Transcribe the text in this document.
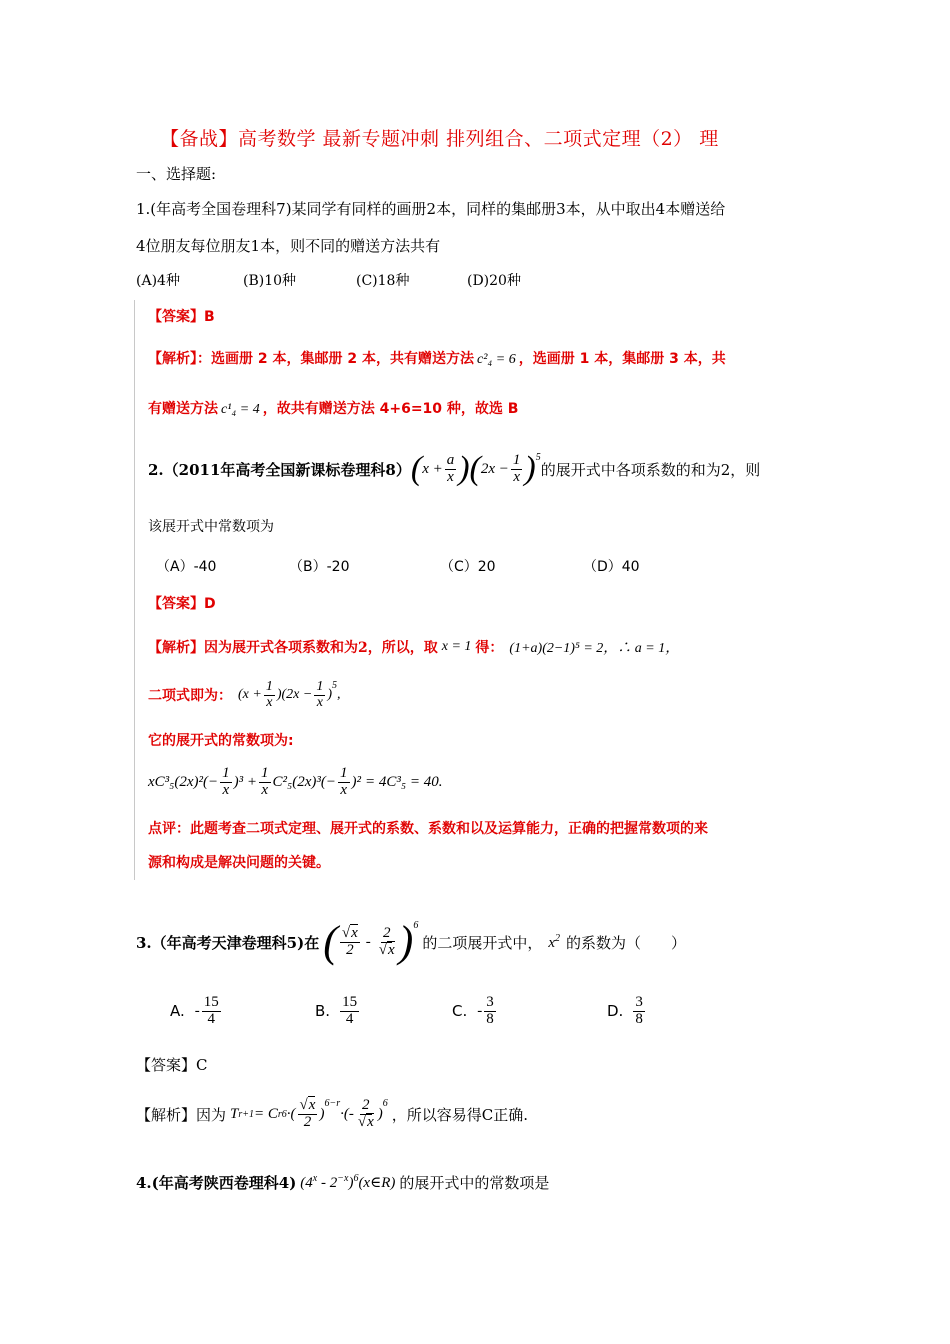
【备战】高考数学 最新专题冲刺 排列组合、二项式定理（2） 理
一、选择题:
1.(年高考全国卷理科7)某同学有同样的画册2本，同样的集邮册3本，从中取出4本赠送给
4位朋友每位朋友1本，则不同的赠送方法共有
(A)4种	(B)10种	(C)18种	(D)20种
【答案】B
【解析】：选画册 2 本，集邮册 2 本，共有赠送方法 c²₄ = 6 ，选画册 1 本，集邮册 3 本，共
有赠送方法 c¹₄ = 4 ，故共有赠送方法 4+6=10 种，故选 B
2.（2011年高考全国新课标卷理科8） ( $x + \frac{a}{x}$ ) ( $2x - \frac{1}{x} )^5$
的展开式中各项系数的和为2，则
该展开式中常数项为
（A）-40	（B）-20	（C）20	（D）40
【答案】D
【解析】因为展开式各项系数和为2，所以，取 x = 1 得： (1+a)(2−1)⁵ = 2，∴ a = 1，
二项式即为： $(x + \frac{1}{x} )(2x - \frac{1}{x}$ )
$^5$
,
它的展开式的常数项为:
$xC^3_5(2x)^2(- \frac{1}{x} )^3 + \frac{1}{x} C^2_5(2x)^3(- \frac{1}{x} )^2 = 4C^3_5 = 40$.
点评：此题考查二项式定理、展开式的系数、系数和以及运算能力，正确的把握常数项的来
源和构成是解决问题的关键。
3.（年高考天津卷理科5)在 ( $\frac{√x}{2} - \frac{2}{√x} )^6$
的二项展开式中， $x^2$ 的系数为（　　）
A. - $\frac{15}{4}$	B. $\frac{15}{4}$	C. - $\frac{3}{8}$	D. $\frac{3}{8}$
【答案】C
【解析】因为 T r+1 = C r 6 ·( $\frac{√x}{2}$ )
$^{6-r}$
·(- $\frac{2}{√x}$ )
$^6$
，所以容易得C正确.
4.(年高考陕西卷理科4) $(4^x - 2^{-x})^6(x\in R)$ 的展开式中的常数项是
